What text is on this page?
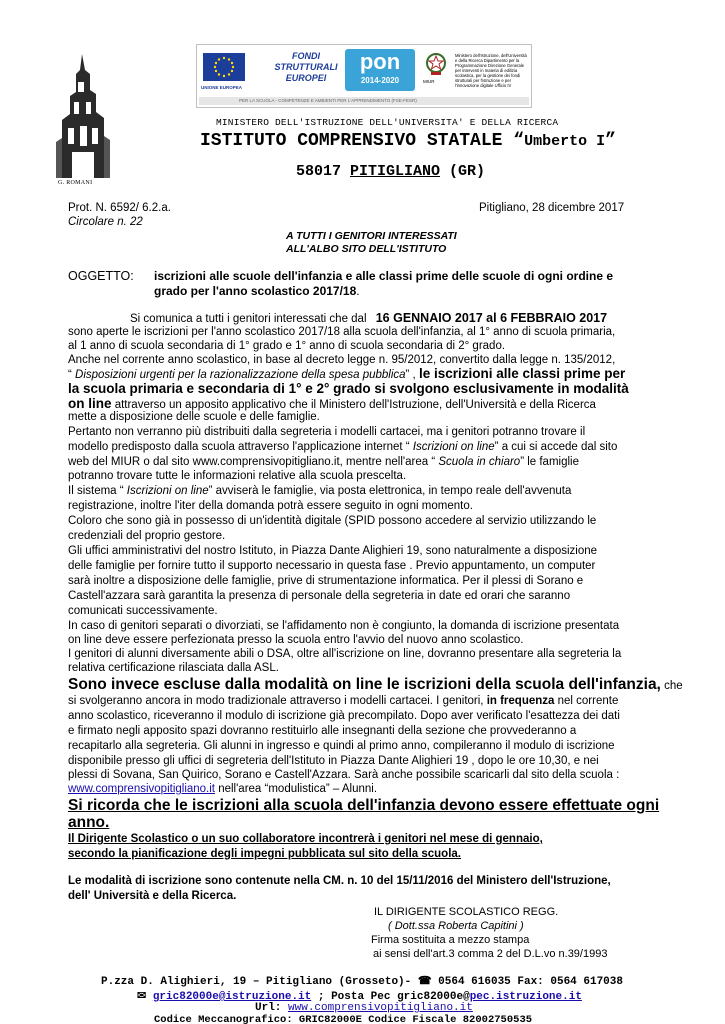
G. ROMANI
UNIONE EUROPEA
FONDI
STRUTTURALI
EUROPEI
pon
2014-2020	MIUR
Ministero dell'Istruzione, dell'Università e della Ricerca Dipartimento per la Programmazione Direzione Generale per interventi in materia di edilizia scolastica, per la gestione dei fondi strutturali per l'istruzione e per l'innovazione digitale Ufficio IV
PER LA SCUOLA - COMPETENZE E AMBIENTI PER L'APPRENDIMENTO (FSE-FESR)
MINISTERO DELL'ISTRUZIONE DELL'UNIVERSITA' E DELLA RICERCA
ISTITUTO COMPRENSIVO STATALE “Umberto I”
58017 PITIGLIANO (GR)
Prot. N. 6592/ 6.2.a.
Circolare n. 22
Pitigliano, 28 dicembre 2017
A TUTTI I GENITORI INTERESSATI
ALL'ALBO SITO DELL'ISTITUTO
OGGETTO: iscrizioni alle scuole dell'infanzia e alle classi prime delle scuole di ogni ordine e
grado per l'anno scolastico 2017/18.
Si comunica a tutti i genitori interessati che dal 16 GENNAIO 2017 al 6 FEBBRAIO 2017
sono aperte le iscrizioni per l'anno scolastico 2017/18 alla scuola dell'infanzia, al 1° anno di scuola primaria,
al 1 anno di scuola secondaria di 1° grado e 1° anno di scuola secondaria di 2° grado.
Anche nel corrente anno scolastico, in base al decreto legge n. 95/2012, convertito dalla legge n. 135/2012,
“ Disposizioni urgenti per la razionalizzazione della spesa pubblica” , le iscrizioni alle classi prime per
la scuola primaria e secondaria di 1° e 2° grado si svolgono esclusivamente in modalità
on line attraverso un apposito applicativo che il Ministero dell'Istruzione, dell'Università e della Ricerca
mette a disposizione delle scuole e delle famiglie.
Pertanto non verranno più distribuiti dalla segreteria i modelli cartacei, ma i genitori potranno trovare il
modello predisposto dalla scuola attraverso l'applicazione internet “ Iscrizioni on line” a cui si accede dal sito
web del MIUR o dal sito www.comprensivopitigliano.it, mentre nell'area “ Scuola in chiaro” le famiglie
potranno trovare tutte le informazioni relative alla scuola prescelta.
Il sistema “ Iscrizioni on line” avviserà le famiglie, via posta elettronica, in tempo reale dell'avvenuta
registrazione, inoltre l'iter della domanda potrà essere seguito in ogni momento.
Coloro che sono già in possesso di un'identità digitale (SPID possono accedere al servizio utilizzando le
credenziali del proprio gestore.
Gli uffici amministrativi del nostro Istituto, in Piazza Dante Alighieri 19, sono naturalmente a disposizione
delle famiglie per fornire tutto il supporto necessario in questa fase . Previo appuntamento, un computer
sarà inoltre a disposizione delle famiglie, prive di strumentazione informatica. Per il plessi di Sorano e
Castell'azzara sarà garantita la presenza di personale della segreteria in date ed orari che saranno
comunicati successivamente.
In caso di genitori separati o divorziati, se l'affidamento non è congiunto, la domanda di iscrizione presentata
on line deve essere perfezionata presso la scuola entro l'avvio del nuovo anno scolastico.
I genitori di alunni diversamente abili o DSA, oltre all'iscrizione on line, dovranno presentare alla segreteria la
relativa certificazione rilasciata dalla ASL.
Sono invece escluse dalla modalità on line le iscrizioni della scuola dell'infanzia, che
si svolgeranno ancora in modo tradizionale attraverso i modelli cartacei. I genitori, in frequenza nel corrente
anno scolastico, riceveranno il modulo di iscrizione già precompilato. Dopo aver verificato l'esattezza dei dati
e firmato negli apposito spazi dovranno restituirlo alle insegnanti della sezione che provvederanno a
recapitarlo alla segreteria. Gli alunni in ingresso e quindi al primo anno, compileranno il modulo di iscrizione
disponibile presso gli uffici di segreteria dell'Istituto in Piazza Dante Alighieri 19 , dopo le ore 10,30, e nei
plessi di Sovana, San Quirico, Sorano e Castell'Azzara. Sarà anche possibile scaricarli dal sito della scuola :
www.comprensivopitigliano.it nell'area “modulistica” – Alunni.
Si ricorda che le iscrizioni alla scuola dell'infanzia devono essere effettuate ogni
anno.
Il Dirigente Scolastico o un suo collaboratore incontrerà i genitori nel mese di gennaio,
secondo la pianificazione degli impegni pubblicata sul sito della scuola.
Le modalità di iscrizione sono contenute nella CM. n. 10 del 15/11/2016 del Ministero dell'Istruzione,
dell' Università e della Ricerca.
IL DIRIGENTE SCOLASTICO REGG.
( Dott.ssa Roberta Capitini )
Firma sostituita a mezzo stampa
ai sensi dell'art.3 comma 2 del D.L.vo n.39/1993
P.zza D. Alighieri, 19 – Pitigliano (Grosseto)- ☎ 0564 616035 Fax: 0564 617038
✉ gric82000e@istruzione.it ; Posta Pec gric82000e@pec.istruzione.it
Url: www.comprensivopitigliano.it
Codice Meccanografico: GRIC82000E Codice Fiscale 82002750535
